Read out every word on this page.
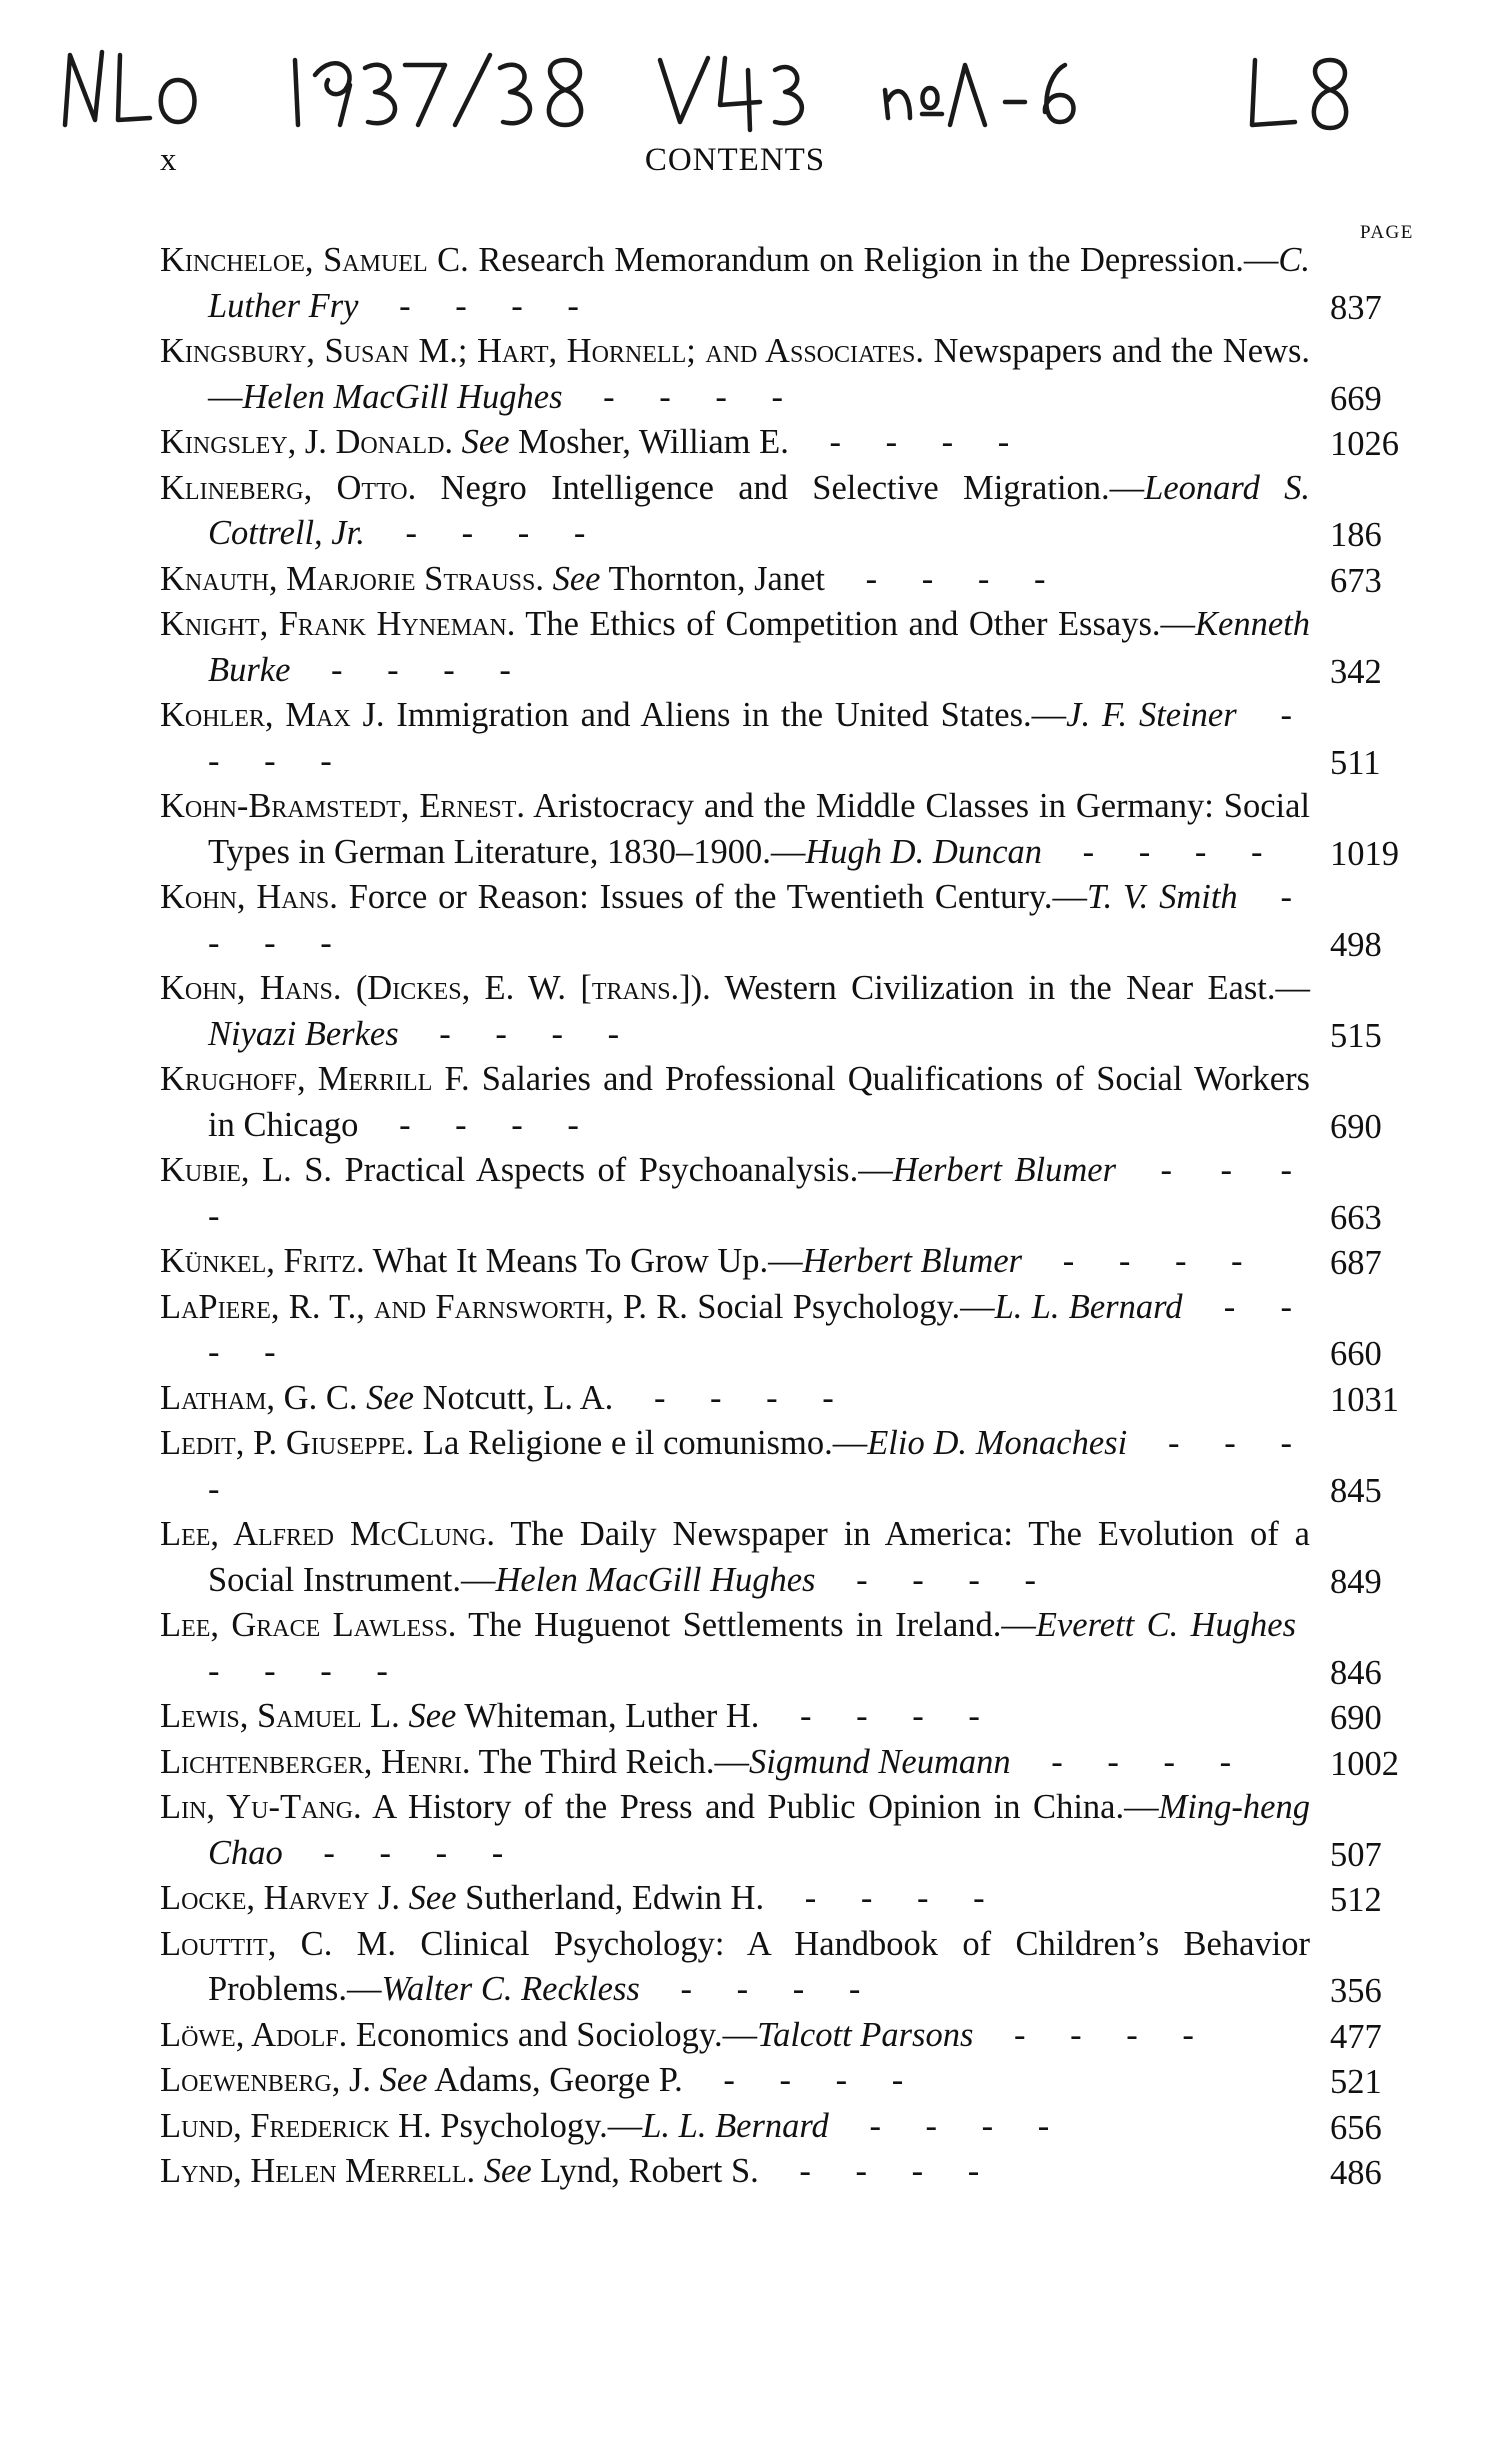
x	CONTENTS
PAGE

Kincheloe, Samuel C. Research Memorandum on Religion in the Depression.—C. Luther Fry - - - -	837

Kingsbury, Susan M.; Hart, Hornell; and Associates. Newspapers and the News.—Helen MacGill Hughes - - - -	669

Kingsley, J. Donald. See Mosher, William E. - - - -	1026

Klineberg, Otto. Negro Intelligence and Selective Migration.—Leonard S. Cottrell, Jr. - - - -	186

Knauth, Marjorie Strauss. See Thornton, Janet - - - -	673

Knight, Frank Hyneman. The Ethics of Competition and Other Essays.—Kenneth Burke - - - -	342

Kohler, Max J. Immigration and Aliens in the United States.—J. F. Steiner - - - -	511

Kohn-Bramstedt, Ernest. Aristocracy and the Middle Classes in Germany: Social Types in German Literature, 1830–1900.—Hugh D. Duncan - - - - 1019

Kohn, Hans. Force or Reason: Issues of the Twentieth Century.—T. V. Smith - - - -	498

Kohn, Hans. (Dickes, E. W. [trans.]). Western Civilization in the Near East.—Niyazi Berkes - - - -	515

Krughoff, Merrill F. Salaries and Professional Qualifications of Social Workers in Chicago - - - -	690

Kubie, L. S. Practical Aspects of Psychoanalysis.—Herbert Blumer - - - -	663

Künkel, Fritz. What It Means To Grow Up.—Herbert Blumer - - - - 687

LaPiere, R. T., and Farnsworth, P. R. Social Psychology.—L. L. Bernard - - - -	660

Latham, G. C. See Notcutt, L. A. - - - -	1031

Ledit, P. Giuseppe. La Religione e il comunismo.—Elio D. Monachesi - - - -	845

Lee, Alfred McClung. The Daily Newspaper in America: The Evolution of a Social Instrument.—Helen MacGill Hughes - - - -	849

Lee, Grace Lawless. The Huguenot Settlements in Ireland.—Everett C. Hughes - - - -	846

Lewis, Samuel L. See Whiteman, Luther H. - - - -	690

Lichtenberger, Henri. The Third Reich.—Sigmund Neumann - - - - 1002

Lin, Yu-Tang. A History of the Press and Public Opinion in China.—Ming-heng Chao - - - -	507

Locke, Harvey J. See Sutherland, Edwin H. - - - -	512

Louttit, C. M. Clinical Psychology: A Handbook of Children’s Behavior Problems.—Walter C. Reckless - - - -	356

Löwe, Adolf. Economics and Sociology.—Talcott Parsons - - - -	477

Loewenberg, J. See Adams, George P. - - - -	521

Lund, Frederick H. Psychology.—L. L. Bernard - - - -	656

Lynd, Helen Merrell. See Lynd, Robert S. - - - -	486
